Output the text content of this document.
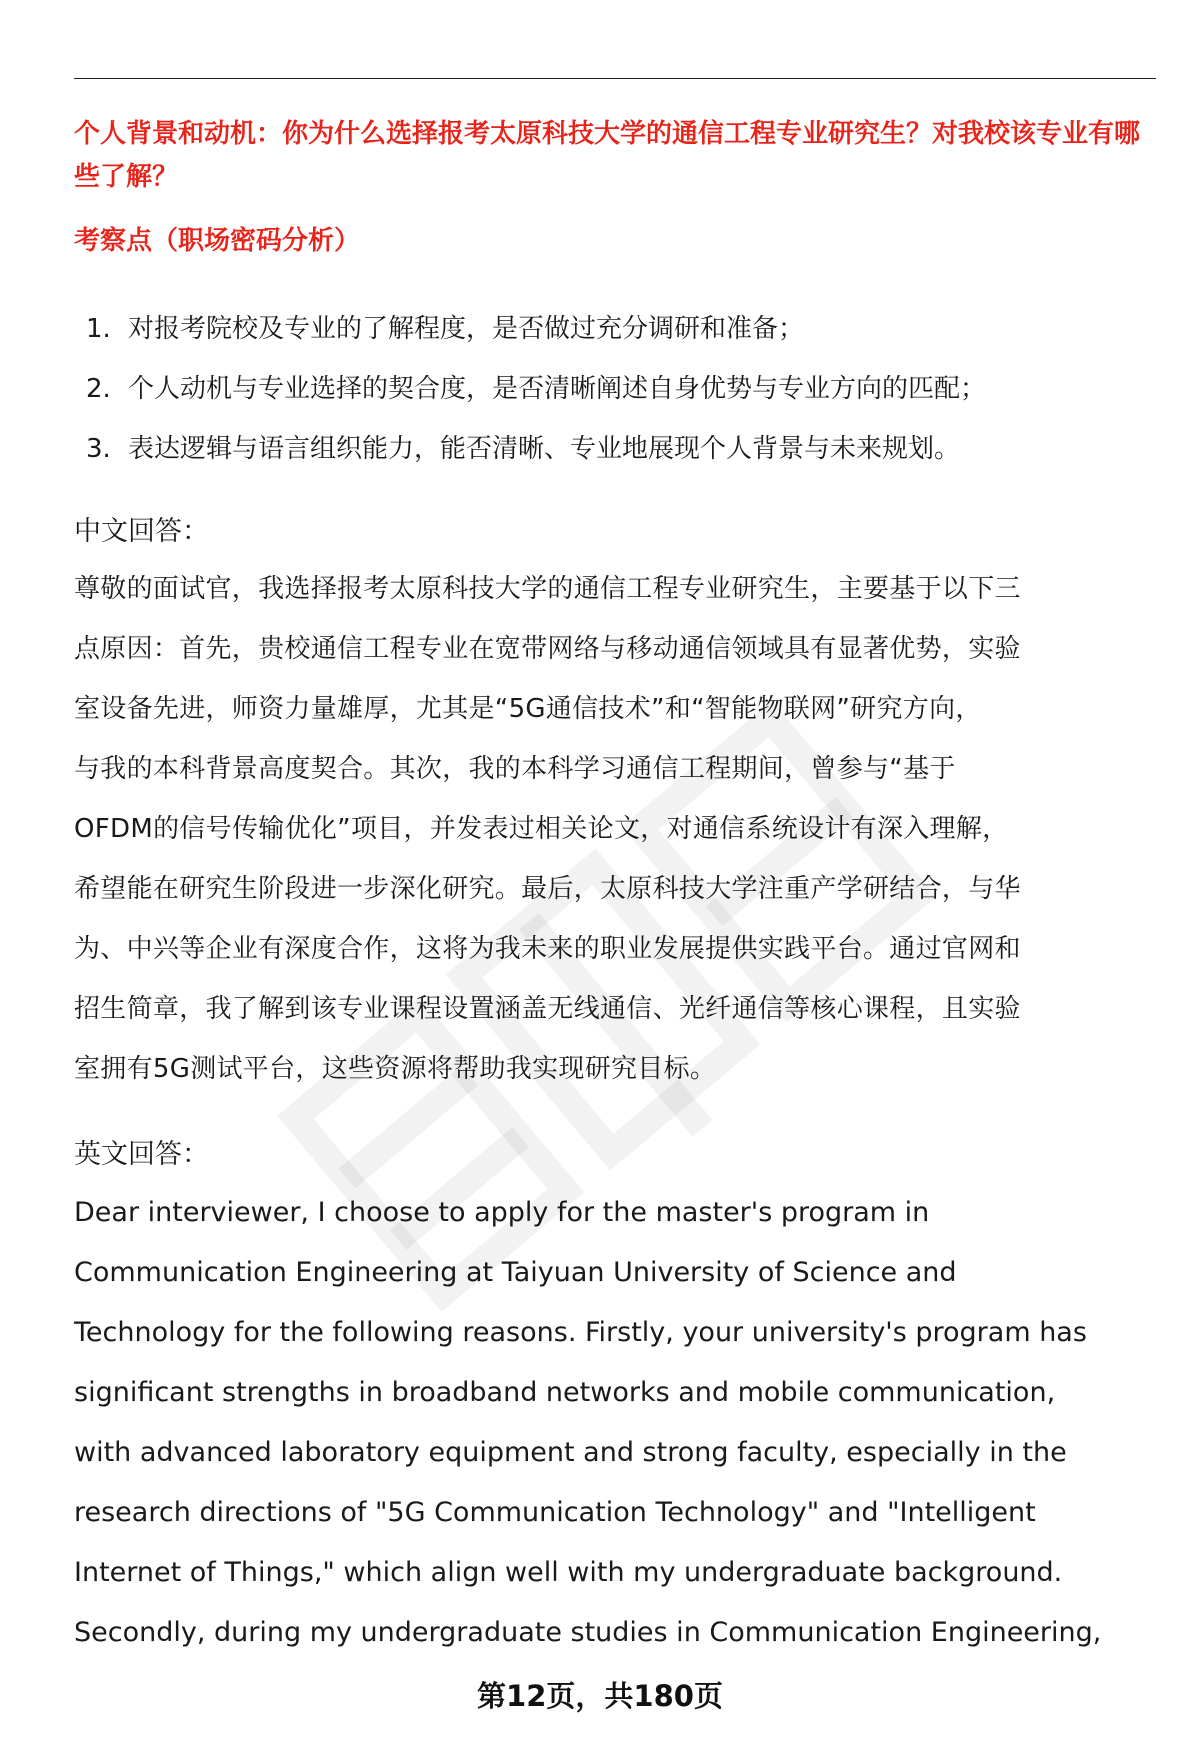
个人背景和动机：你为什么选择报考太原科技大学的通信工程专业研究生？对我校该专业有哪些了解？
考察点（职场密码分析）
1. 对报考院校及专业的了解程度，是否做过充分调研和准备；
2. 个人动机与专业选择的契合度，是否清晰阐述自身优势与专业方向的匹配；
3. 表达逻辑与语言组织能力，能否清晰、专业地展现个人背景与未来规划。
中文回答：
尊敬的面试官，我选择报考太原科技大学的通信工程专业研究生，主要基于以下三
点原因：首先，贵校通信工程专业在宽带网络与移动通信领域具有显著优势，实验
室设备先进，师资力量雄厚，尤其是“5G通信技术”和“智能物联网”研究方向，
与我的本科背景高度契合。其次，我的本科学习通信工程期间，曾参与“基于
OFDM的信号传输优化”项目，并发表过相关论文，对通信系统设计有深入理解，
希望能在研究生阶段进一步深化研究。最后，太原科技大学注重产学研结合，与华
为、中兴等企业有深度合作，这将为我未来的职业发展提供实践平台。通过官网和
招生简章，我了解到该专业课程设置涵盖无线通信、光纤通信等核心课程，且实验
室拥有5G测试平台，这些资源将帮助我实现研究目标。
英文回答：
Dear interviewer, I choose to apply for the master's program in
Communication Engineering at Taiyuan University of Science and
Technology for the following reasons. Firstly, your university's program has
significant strengths in broadband networks and mobile communication,
with advanced laboratory equipment and strong faculty, especially in the
research directions of "5G Communication Technology" and "Intelligent
Internet of Things," which align well with my undergraduate background.
Secondly, during my undergraduate studies in Communication Engineering,
第12页，共180页
